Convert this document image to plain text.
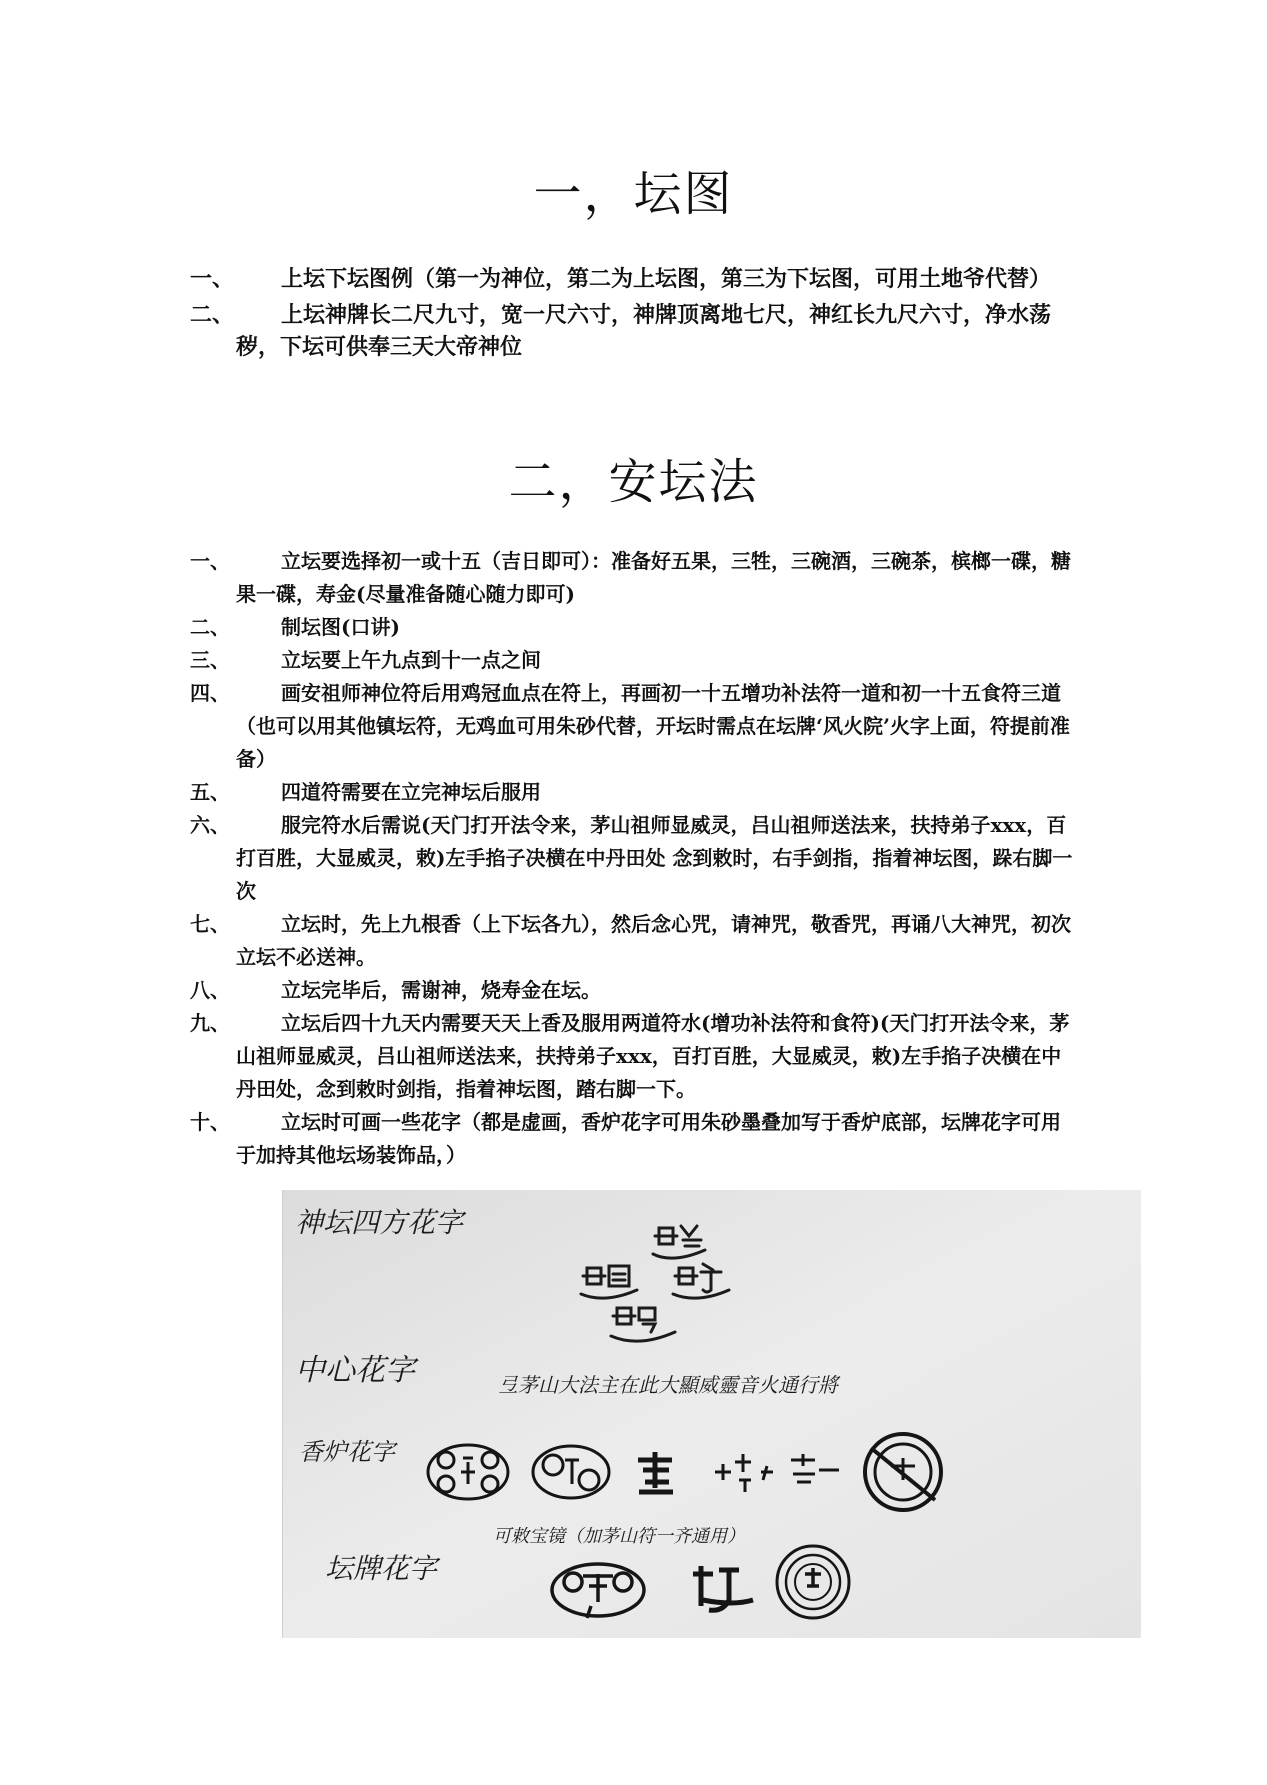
一，坛图
一、	上坛下坛图例（第一为神位，第二为上坛图，第三为下坛图，可用土地爷代替）
二、	上坛神牌长二尺九寸，宽一尺六寸，神牌顶离地七尺，神红长九尺六寸，净水荡秽，下坛可供奉三天大帝神位
二，安坛法
一、	立坛要选择初一或十五（吉日即可）：准备好五果，三牲，三碗酒，三碗茶，槟榔一碟，糖果一碟，寿金(尽量准备随心随力即可)
二、	制坛图(口讲)
三、	立坛要上午九点到十一点之间
四、	画安祖师神位符后用鸡冠血点在符上，再画初一十五增功补法符一道和初一十五食符三道（也可以用其他镇坛符，无鸡血可用朱砂代替，开坛时需点在坛牌‘风火院’火字上面，符提前准备）
五、	四道符需要在立完神坛后服用
六、	服完符水后需说(天门打开法令来，茅山祖师显威灵，吕山祖师送法来，扶持弟子xxx，百打百胜，大显威灵，敕)左手掐子决横在中丹田处 念到敕时，右手剑指，指着神坛图，跺右脚一次
七、	立坛时，先上九根香（上下坛各九），然后念心咒，请神咒，敬香咒，再诵八大神咒，初次立坛不必送神。
八、	立坛完毕后，需谢神，烧寿金在坛。
九、	立坛后四十九天内需要天天上香及服用两道符水(增功补法符和食符)(天门打开法令来，茅山祖师显威灵，吕山祖师送法来，扶持弟子xxx，百打百胜，大显威灵，敕)左手掐子决横在中丹田处，念到敕时剑指，指着神坛图，踏右脚一下。
十、	立坛时可画一些花字（都是虚画，香炉花字可用朱砂墨叠加写于香炉底部，坛牌花字可用于加持其他坛场装饰品，）
神坛四方花字
中心花字
香炉花字
坛牌花字
弖茅山大法主在此大顯威靈音火通行將
可敕宝镜（加茅山符一齐通用）
